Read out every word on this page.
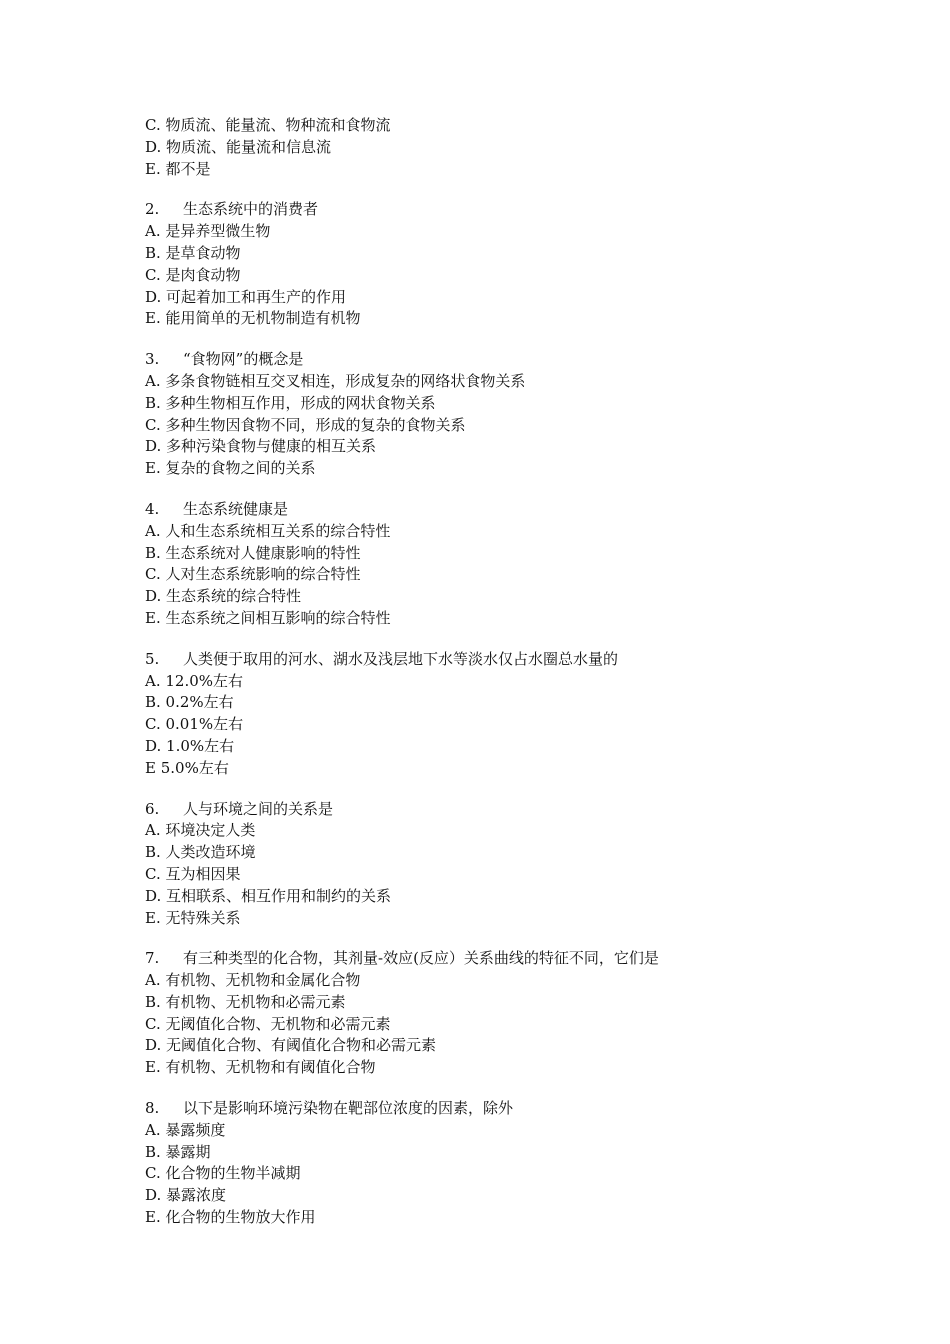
C. 物质流、能量流、物种流和食物流
D. 物质流、能量流和信息流
E. 都不是
2. 生态系统中的消费者
A. 是异养型微生物
B. 是草食动物
C. 是肉食动物
D. 可起着加工和再生产的作用
E. 能用简单的无机物制造有机物
3. “食物网”的概念是
A. 多条食物链相互交叉相连，形成复杂的网络状食物关系
B. 多种生物相互作用，形成的网状食物关系
C. 多种生物因食物不同，形成的复杂的食物关系
D. 多种污染食物与健康的相互关系
E. 复杂的食物之间的关系
4. 生态系统健康是
A. 人和生态系统相互关系的综合特性
B. 生态系统对人健康影响的特性
C. 人对生态系统影响的综合特性
D. 生态系统的综合特性
E. 生态系统之间相互影响的综合特性
5. 人类便于取用的河水、湖水及浅层地下水等淡水仅占水圈总水量的
A. 12.0%左右
B. 0.2%左右
C. 0.01%左右
D. 1.0%左右
E 5.0%左右
6. 人与环境之间的关系是
A. 环境决定人类
B. 人类改造环境
C. 互为相因果
D. 互相联系、相互作用和制约的关系
E. 无特殊关系
7. 有三种类型的化合物，其剂量-效应(反应）关系曲线的特征不同，它们是
A. 有机物、无机物和金属化合物
B. 有机物、无机物和必需元素
C. 无阈值化合物、无机物和必需元素
D. 无阈值化合物、有阈值化合物和必需元素
E. 有机物、无机物和有阈值化合物
8. 以下是影响环境污染物在靶部位浓度的因素，除外
A. 暴露频度
B. 暴露期
C. 化合物的生物半减期
D. 暴露浓度
E. 化合物的生物放大作用
